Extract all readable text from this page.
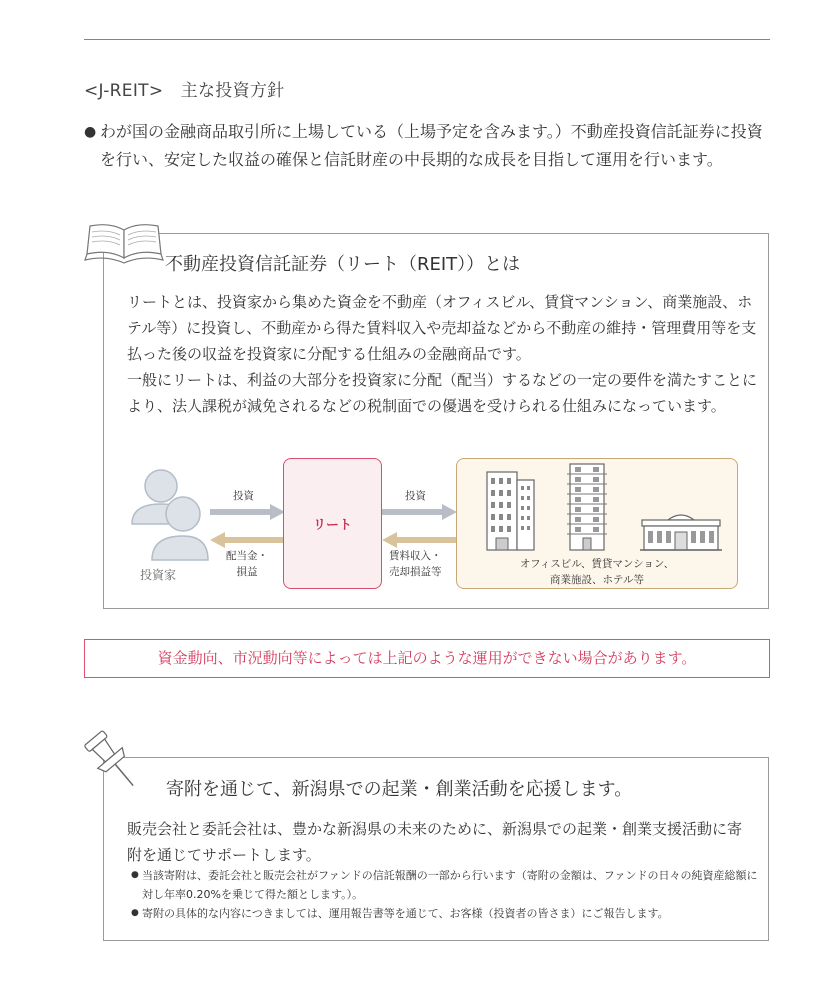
<J-REIT>　主な投資方針
● わが国の金融商品取引所に上場している（上場予定を含みます。）不動産投資信託証券に投資を行い、安定した収益の確保と信託財産の中長期的な成長を目指して運用を行います。
不動産投資信託証券（リート（REIT））とは

リートとは、投資家から集めた資金を不動産（オフィスビル、賃貸マンション、商業施設、ホテル等）に投資し、不動産から得た賃料収入や売却益などから不動産の維持・管理費用等を支払った後の収益を投資家に分配する仕組みの金融商品です。

一般にリートは、利益の大部分を投資家に分配（配当）するなどの一定の要件を満たすことにより、法人課税が減免されるなどの税制面での優遇を受けられる仕組みになっています。

投資家
投資
配当金・
損益
リート
投資
賃料収入・
売却損益等
オフィスビル、賃貸マンション、
商業施設、ホテル等
資金動向、市況動向等によっては上記のような運用ができない場合があります。
寄附を通じて、新潟県での起業・創業活動を応援します。
販売会社と委託会社は、豊かな新潟県の未来のために、新潟県での起業・創業支援活動に寄附を通じてサポートします。
● 当該寄附は、委託会社と販売会社がファンドの信託報酬の一部から行います（寄附の金額は、ファンドの日々の純資産総額に対し年率0.20%を乗じて得た額とします。）。
● 寄附の具体的な内容につきましては、運用報告書等を通じて、お客様（投資者の皆さま）にご報告します。
